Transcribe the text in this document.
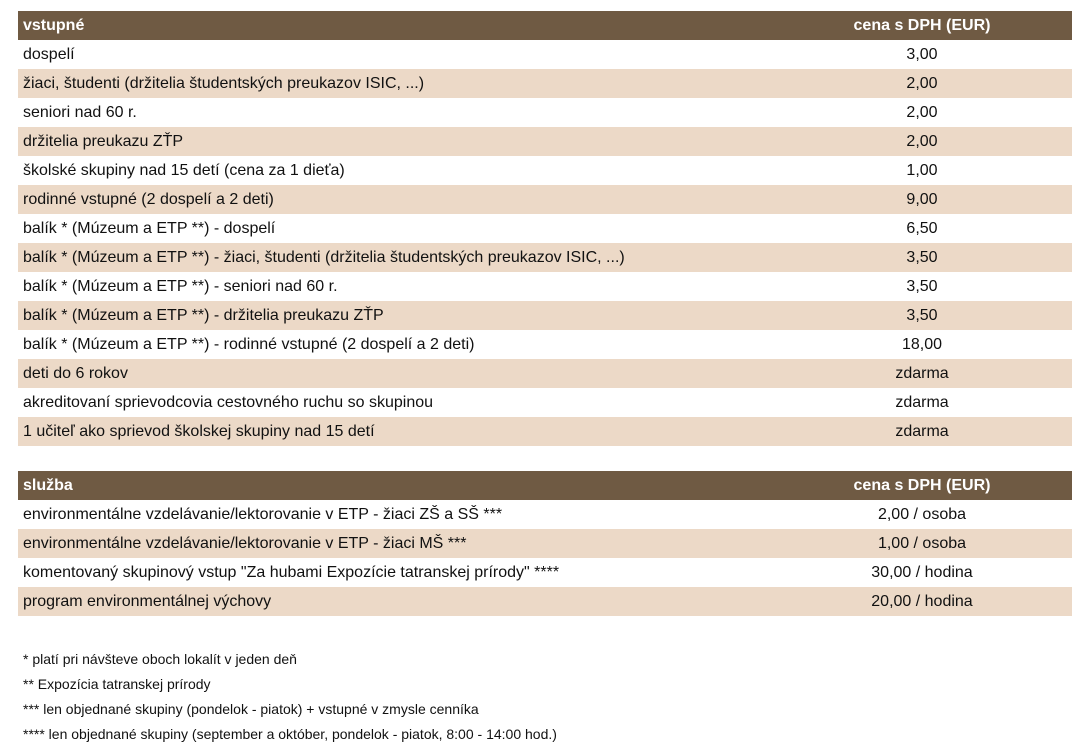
vstupné	cena s DPH (EUR)
dospelí	3,00
žiaci, študenti (držitelia študentských preukazov ISIC, ...)	2,00
seniori nad 60 r.	2,00
držitelia preukazu ZŤP	2,00
školské skupiny nad 15 detí (cena za 1 dieťa)	1,00
rodinné vstupné (2 dospelí a 2 deti)	9,00
balík * (Múzeum a ETP **) - dospelí	6,50
balík * (Múzeum a ETP **) - žiaci, študenti (držitelia študentských preukazov ISIC, ...)	3,50
balík * (Múzeum a ETP **) - seniori nad 60 r.	3,50
balík * (Múzeum a ETP **) - držitelia preukazu ZŤP	3,50
balík * (Múzeum a ETP **) - rodinné vstupné (2 dospelí a 2 deti)	18,00
deti do 6 rokov	zdarma
akreditovaní sprievodcovia cestovného ruchu so skupinou	zdarma
1 učiteľ ako sprievod školskej skupiny nad 15 detí	zdarma
služba	cena s DPH (EUR)
environmentálne vzdelávanie/lektorovanie v ETP - žiaci ZŠ a SŠ ***	2,00 / osoba
environmentálne vzdelávanie/lektorovanie v ETP - žiaci MŠ ***	1,00 / osoba
komentovaný skupinový vstup "Za hubami Expozície tatranskej prírody" ****	30,00 / hodina
program environmentálnej výchovy	20,00 / hodina
* platí pri návšteve oboch lokalít v jeden deň
** Expozícia tatranskej prírody
*** len objednané skupiny (pondelok - piatok) + vstupné v zmysle cenníka
**** len objednané skupiny (september a október, pondelok - piatok, 8:00 - 14:00 hod.)
